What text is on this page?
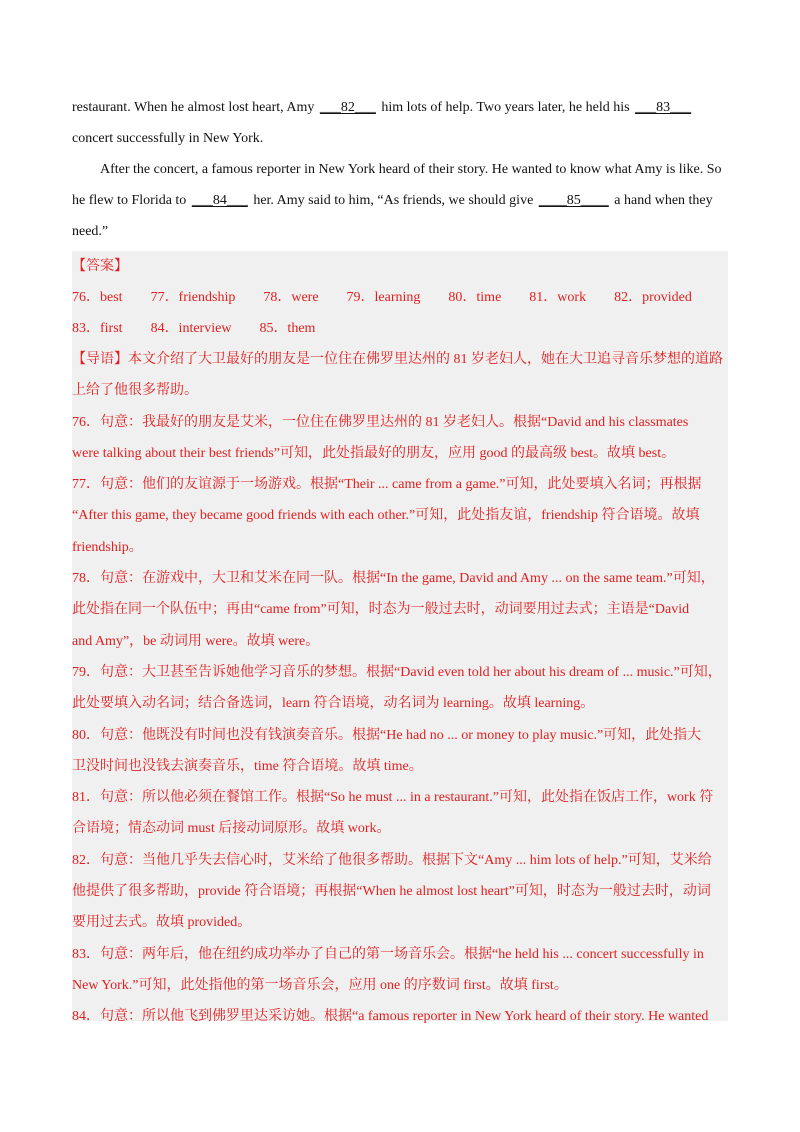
restaurant. When he almost lost heart, Amy ___82___ him lots of help. Two years later, he held his ___83___
concert successfully in New York.
After the concert, a famous reporter in New York heard of their story. He wanted to know what Amy is like. So
he flew to Florida to ___84___ her. Amy said to him, “As friends, we should give ____85____ a hand when they
need.”
【答案】
76．best 77．friendship 78．were 79．learning 80．time 81．work 82．provided
83．first 84．interview 85．them
【导语】本文介绍了大卫最好的朋友是一位住在佛罗里达州的 81 岁老妇人，她在大卫追寻音乐梦想的道路
上给了他很多帮助。
76．句意：我最好的朋友是艾米，一位住在佛罗里达州的 81 岁老妇人。根据“David and his classmates
were talking about their best friends”可知，此处指最好的朋友，应用 good 的最高级 best。故填 best。
77．句意：他们的友谊源于一场游戏。根据“Their ... came from a game.”可知，此处要填入名词；再根据
“After this game, they became good friends with each other.”可知，此处指友谊，friendship 符合语境。故填
friendship。
78．句意：在游戏中，大卫和艾米在同一队。根据“In the game, David and Amy ... on the same team.”可知，
此处指在同一个队伍中；再由“came from”可知，时态为一般过去时，动词要用过去式；主语是“David
and Amy”，be 动词用 were。故填 were。
79．句意：大卫甚至告诉她他学习音乐的梦想。根据“David even told her about his dream of ... music.”可知，
此处要填入动名词；结合备选词，learn 符合语境，动名词为 learning。故填 learning。
80．句意：他既没有时间也没有钱演奏音乐。根据“He had no ... or money to play music.”可知，此处指大
卫没时间也没钱去演奏音乐，time 符合语境。故填 time。
81．句意：所以他必须在餐馆工作。根据“So he must ... in a restaurant.”可知，此处指在饭店工作，work 符
合语境；情态动词 must 后接动词原形。故填 work。
82．句意：当他几乎失去信心时，艾米给了他很多帮助。根据下文“Amy ... him lots of help.”可知，艾米给
他提供了很多帮助，provide 符合语境；再根据“When he almost lost heart”可知，时态为一般过去时，动词
要用过去式。故填 provided。
83．句意：两年后，他在纽约成功举办了自己的第一场音乐会。根据“he held his ... concert successfully in
New York.”可知，此处指他的第一场音乐会，应用 one 的序数词 first。故填 first。
84．句意：所以他飞到佛罗里达采访她。根据“a famous reporter in New York heard of their story. He wanted
